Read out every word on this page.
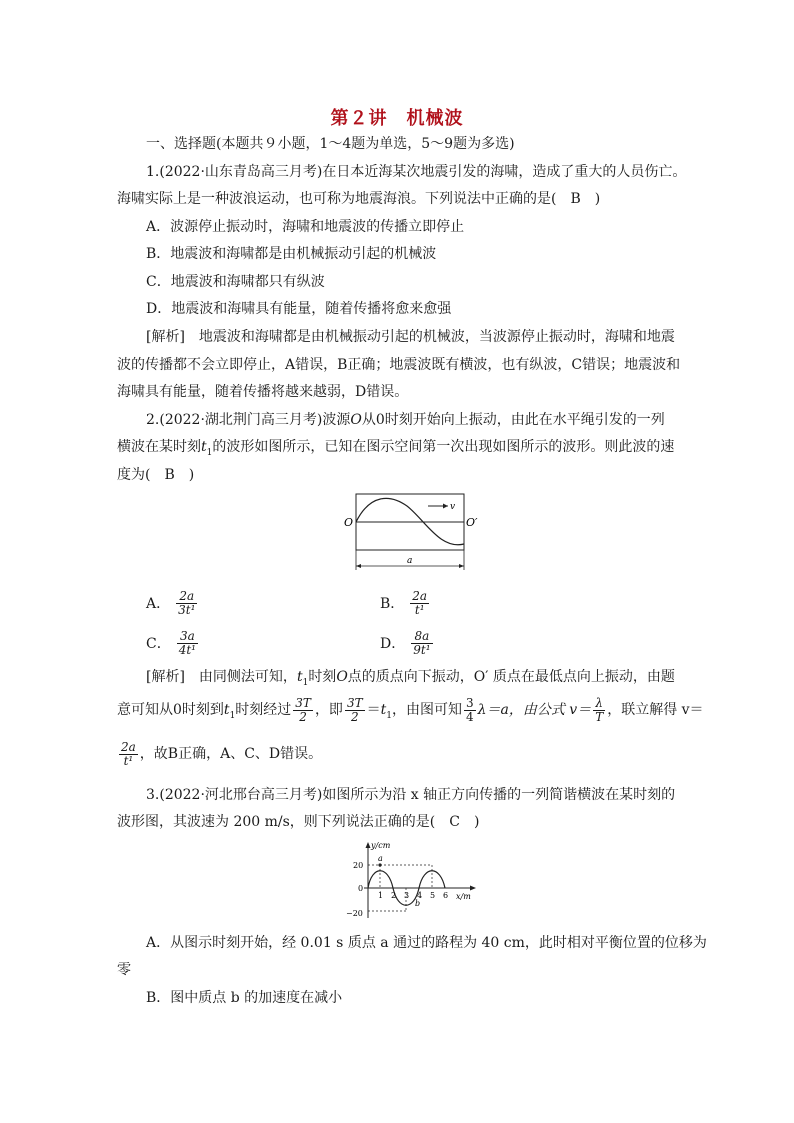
第２讲　机械波
一、选择题(本题共９小题，1～4题为单选，5～9题为多选)
1.(2022·山东青岛高三月考)在日本近海某次地震引发的海啸，造成了重大的人员伤亡。
海啸实际上是一种波浪运动，也可称为地震海浪。下列说法中正确的是(　B　)
A．波源停止振动时，海啸和地震波的传播立即停止
B．地震波和海啸都是由机械振动引起的机械波
C．地震波和海啸都只有纵波
D．地震波和海啸具有能量，随着传播将愈来愈强
[解析]　地震波和海啸都是由机械振动引起的机械波，当波源停止振动时，海啸和地震
波的传播都不会立即停止，A错误，B正确；地震波既有横波，也有纵波，C错误；地震波和
海啸具有能量，随着传播将越来越弱，D错误。
2.(2022·湖北荆门高三月考)波源O从0时刻开始向上振动，由此在水平绳引发的一列
横波在某时刻$t_1$的波形如图所示，已知在图示空间第一次出现如图所示的波形。则此波的速
度为(　B　)
v
O	O′
a
A． $\frac{2a}{\text{3t¹}}$	B． $\frac{2a}{\text{t¹}}$
C． $\frac{3a}{\text{4t¹}}$	D． $\frac{8a}{\text{9t¹}}$
[解析]　由同侧法可知，$t_1$时刻O点的质点向下振动，O′ 质点在最低点向上振动，由题
意可知从0时刻到$t_1$时刻经过 $\frac{3T}{2}$ ，即 $\frac{3T}{2} =t_1$，由图可知 $\frac{3}{4} \lambda=a$，由公式 $v= \frac{\lambda}{T}$ ，联立解得 v＝
$\frac{2a}{\text{t¹}}$ ，故B正确，A、C、D错误。
3.(2022·河北邢台高三月考)如图所示为沿 x 轴正方向传播的一列简谐横波在某时刻的
波形图，其波速为 200 m/s，则下列说法正确的是(　C　)
y/cm
x/m
20
0
−20
a
b
1 2 3 4 5 6
A．从图示时刻开始，经 0.01 s 质点 a 通过的路程为 40 cm，此时相对平衡位置的位移为
零
B．图中质点 b 的加速度在减小
